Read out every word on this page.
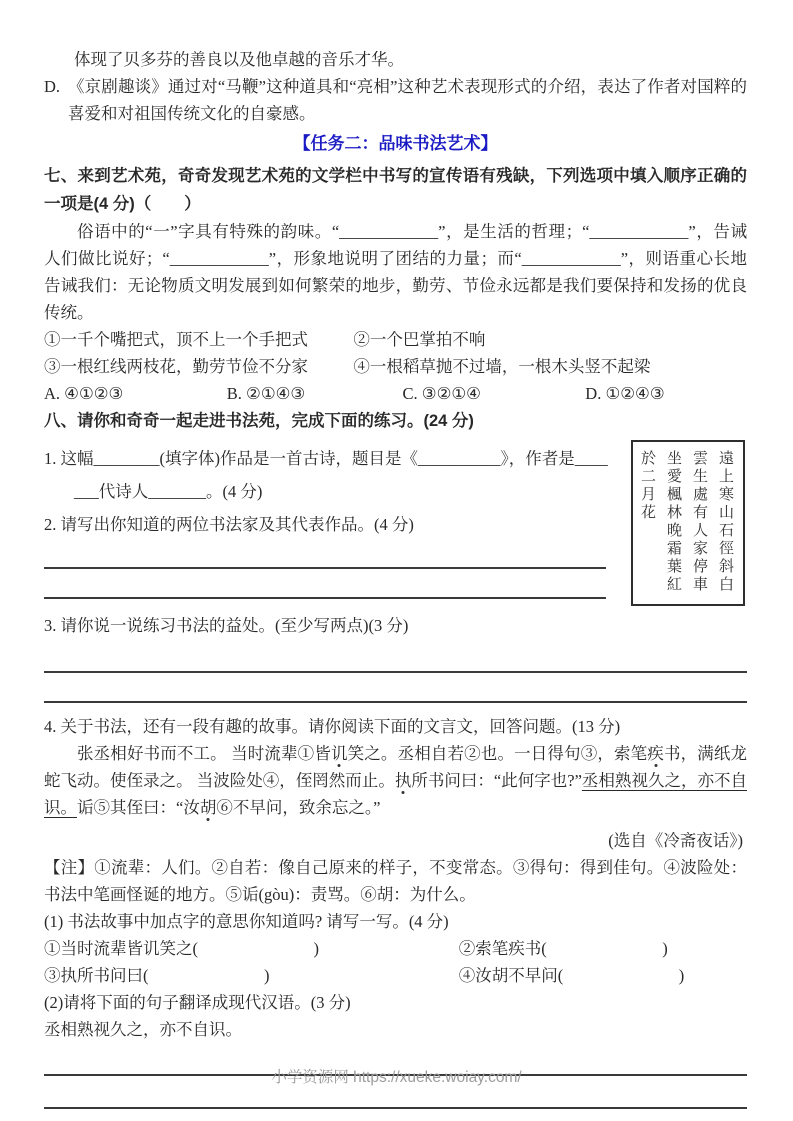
体现了贝多芬的善良以及他卓越的音乐才华。
D. 《京剧趣谈》通过对“马鞭”这种道具和“亮相”这种艺术表现形式的介绍，表达了作者对国粹的喜爱和对祖国传统文化的自豪感。
【任务二：品味书法艺术】
七、来到艺术苑，奇奇发现艺术苑的文学栏中书写的宣传语有残缺，下列选项中填入顺序正确的一项是(4 分)（　　）
俗语中的“一”字具有特殊的韵味。“____________”，是生活的哲理；“____________”，告诫人们做比说好；“____________”，形象地说明了团结的力量；而“____________”，则语重心长地告诫我们：无论物质文明发展到如何繁荣的地步，勤劳、节俭永远都是我们要保持和发扬的优良传统。
①一千个嘴把式，顶不上一个手把式	②一个巴掌拍不响
③一根红线两枝花，勤劳节俭不分家	④一根稻草抛不过墙，一根木头竖不起梁
A. ④①②③	B. ②①④③	C. ③②①④	D. ①②④③
八、请你和奇奇一起走进书法苑，完成下面的练习。(24 分)
1. 这幅________(填字体)作品是一首古诗，题目是《__________》，作者是____
___代诗人_______。(4 分)
2. 请写出你知道的两位书法家及其代表作品。(4 分)	遠上寒山石徑斜白
雲生處有人家停車
坐愛楓林晚霜葉紅
於二月花
3. 请你说一说练习书法的益处。(至少写两点)(3 分)
4. 关于书法，还有一段有趣的故事。请你阅读下面的文言文，回答问题。(13 分)
张丞相好书而不工。 当时流辈①皆讥笑之。丞相自若②也。一日得句③，索笔疾书，满纸龙蛇飞动。使侄录之。 当波险处④，侄罔然而止。执所书问曰：“此何字也?”丞相熟视久之，亦不自识。诟⑤其侄曰：“汝胡⑥不早问，致余忘之。”
(选自《冷斋夜话》)
【注】①流辈：人们。②自若：像自己原来的样子，不变常态。③得句：得到佳句。④波险处：书法中笔画怪诞的地方。⑤诟(gòu)：责骂。⑥胡：为什么。
(1) 书法故事中加点字的意思你知道吗? 请写一写。(4 分)
①当时流辈皆讥笑之(　　　　　　　)	②索笔疾书(　　　　　　　)
③执所书问曰(　　　　　　　)	④汝胡不早问(　　　　　　　)
(2)请将下面的句子翻译成现代汉语。(3 分)
丞相熟视久之，亦不自识。
小学资源网 https://xueke.woiay.com/
